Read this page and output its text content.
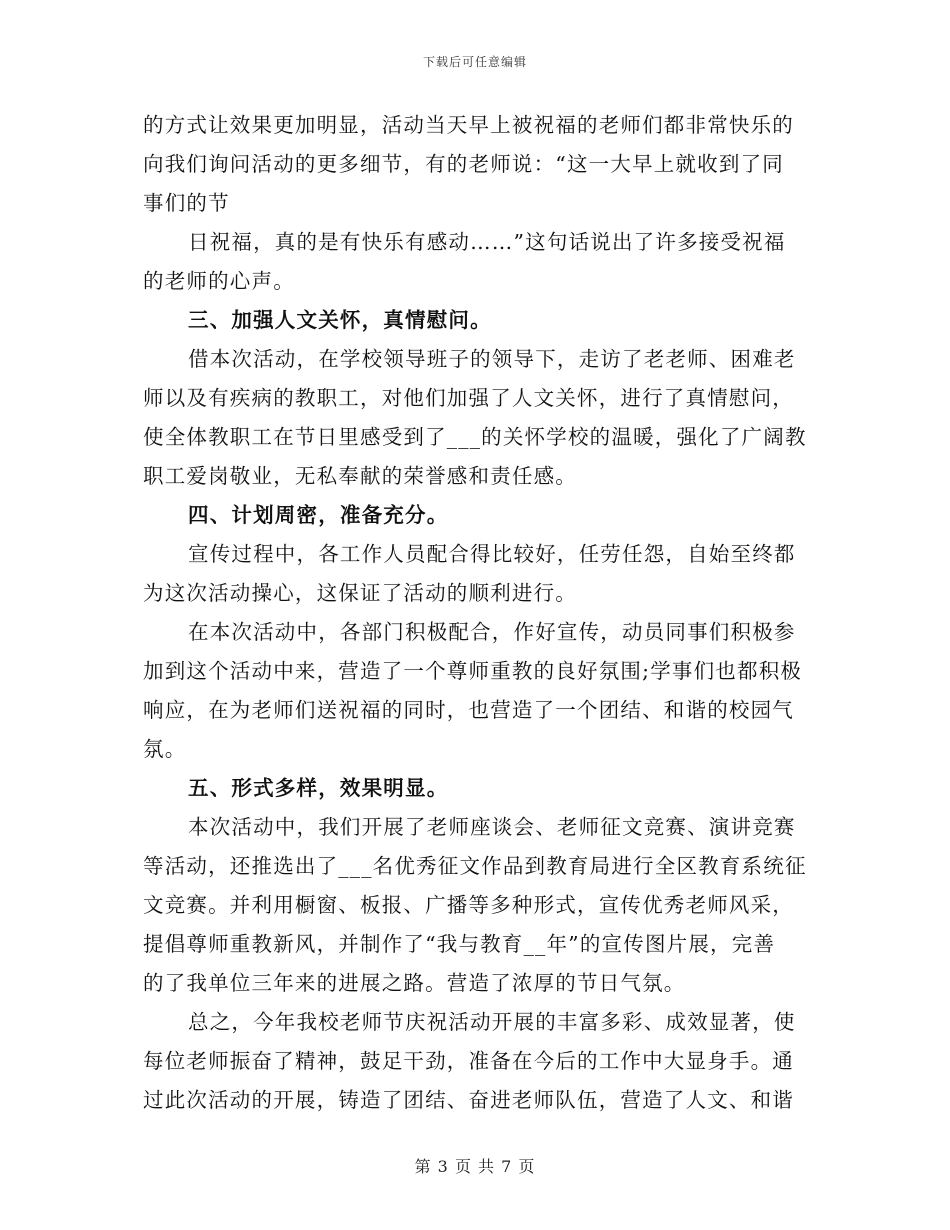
下载后可任意编辑
的方式让效果更加明显，活动当天早上被祝福的老师们都非常快乐的
向我们询问活动的更多细节，有的老师说：“这一大早上就收到了同
事们的节
日祝福，真的是有快乐有感动……”这句话说出了许多接受祝福
的老师的心声。
三、加强人文关怀，真情慰问。
借本次活动，在学校领导班子的领导下，走访了老老师、困难老
师以及有疾病的教职工，对他们加强了人文关怀，进行了真情慰问，
使全体教职工在节日里感受到了___的关怀学校的温暖，强化了广阔教
职工爱岗敬业，无私奉献的荣誉感和责任感。
四、计划周密，准备充分。
宣传过程中，各工作人员配合得比较好，任劳任怨，自始至终都
为这次活动操心，这保证了活动的顺利进行。
在本次活动中，各部门积极配合，作好宣传，动员同事们积极参
加到这个活动中来，营造了一个尊师重教的良好氛围;学事们也都积极
响应，在为老师们送祝福的同时，也营造了一个团结、和谐的校园气
氛。
五、形式多样，效果明显。
本次活动中，我们开展了老师座谈会、老师征文竞赛、演讲竞赛
等活动，还推选出了___名优秀征文作品到教育局进行全区教育系统征
文竞赛。并利用橱窗、板报、广播等多种形式，宣传优秀老师风采，
提倡尊师重教新风，并制作了“我与教育__年”的宣传图片展，完善
的了我单位三年来的进展之路。营造了浓厚的节日气氛。
总之，今年我校老师节庆祝活动开展的丰富多彩、成效显著，使
每位老师振奋了精神，鼓足干劲，准备在今后的工作中大显身手。通
过此次活动的开展，铸造了团结、奋进老师队伍，营造了人文、和谐
第 3 页 共 7 页
